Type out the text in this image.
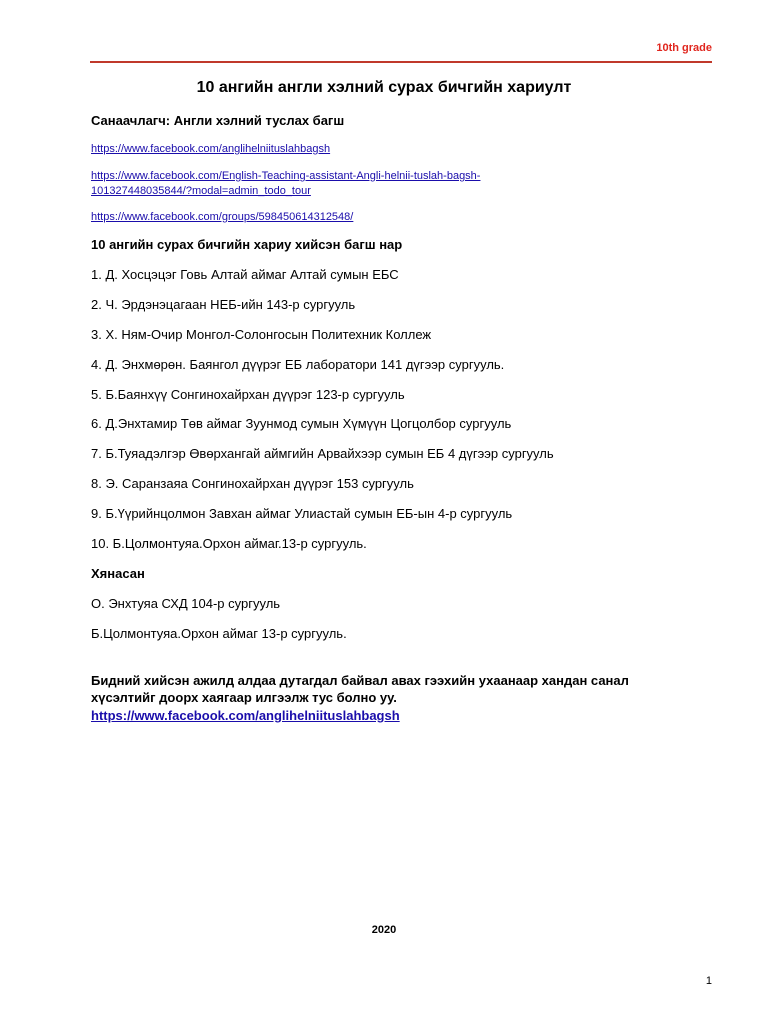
10th grade
10 ангийн англи хэлний сурах бичгийн хариулт
Санаачлагч: Англи хэлний туслах багш
https://www.facebook.com/anglihelniituslahbagsh
https://www.facebook.com/English-Teaching-assistant-Angli-helnii-tuslah-bagsh-
101327448035844/?modal=admin_todo_tour
https://www.facebook.com/groups/598450614312548/
10 ангийн сурах бичгийн хариу хийсэн багш нар
1. Д. Хосцэцэг Говь Алтай аймаг Алтай сумын ЕБС
2. Ч. Эрдэнэцагаан НЕБ-ийн 143-р сургууль
3. Х. Ням-Очир Монгол-Солонгосын Политехник Коллеж
4. Д. Энхмөрөн. Баянгол дүүрэг ЕБ лаборатори 141 дүгээр сургууль.
5. Б.Баянхүү Сонгинохайрхан дүүрэг 123-р сургууль
6. Д.Энхтамир Төв аймаг Зуунмод сумын Хүмүүн Цогцолбор сургууль
7. Б.Туяадэлгэр Өвөрхангай аймгийн Арвайхээр сумын ЕБ 4 дүгээр сургууль
8. Э. Саранзаяа Сонгинохайрхан дүүрэг 153 сургууль
9. Б.Үүрийнцолмон Завхан аймаг Улиастай сумын ЕБ-ын 4-р сургууль
10. Б.Цолмонтуяа.Орхон аймаг.13-р сургууль.
Хянасан
О. Энхтуяа СХД 104-р сургууль
Б.Цолмонтуяа.Орхон аймаг 13-р сургууль.
Бидний хийсэн ажилд алдаа дутагдал байвал авах гээхийн ухаанаар хандан санал
хүсэлтийг доорх хаягаар илгээлж тус болно уу.
https://www.facebook.com/anglihelniituslahbagsh
2020
1
